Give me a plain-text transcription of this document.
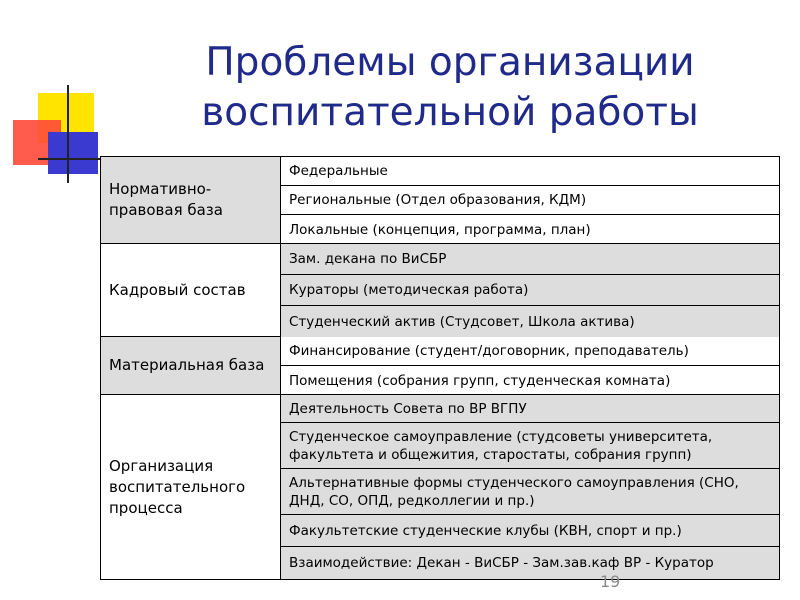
Проблемы организации
воспитательной работы
Нормативно-правовая база
Федеральные
Региональные (Отдел образования, КДМ)
Локальные (концепция, программа, план)
Кадровый состав
Зам. декана по ВиСБР
Кураторы (методическая работа)
Студенческий актив (Студсовет, Школа актива)
Материальная база
Финансирование (студент/договорник, преподаватель)
Помещения (собрания групп, студенческая комната)
Организация воспитательного процесса
Деятельность Совета по ВР ВГПУ
Студенческое самоуправление (студсоветы университета, факультета и общежития, старостаты, собрания групп)
Альтернативные формы студенческого самоуправления (СНО, ДНД, СО, ОПД, редколлегии и пр.)
Факультетские студенческие клубы (КВН, спорт и пр.)
Взаимодействие: Декан - ВиСБР - Зам.зав.каф ВР - Куратор
19
